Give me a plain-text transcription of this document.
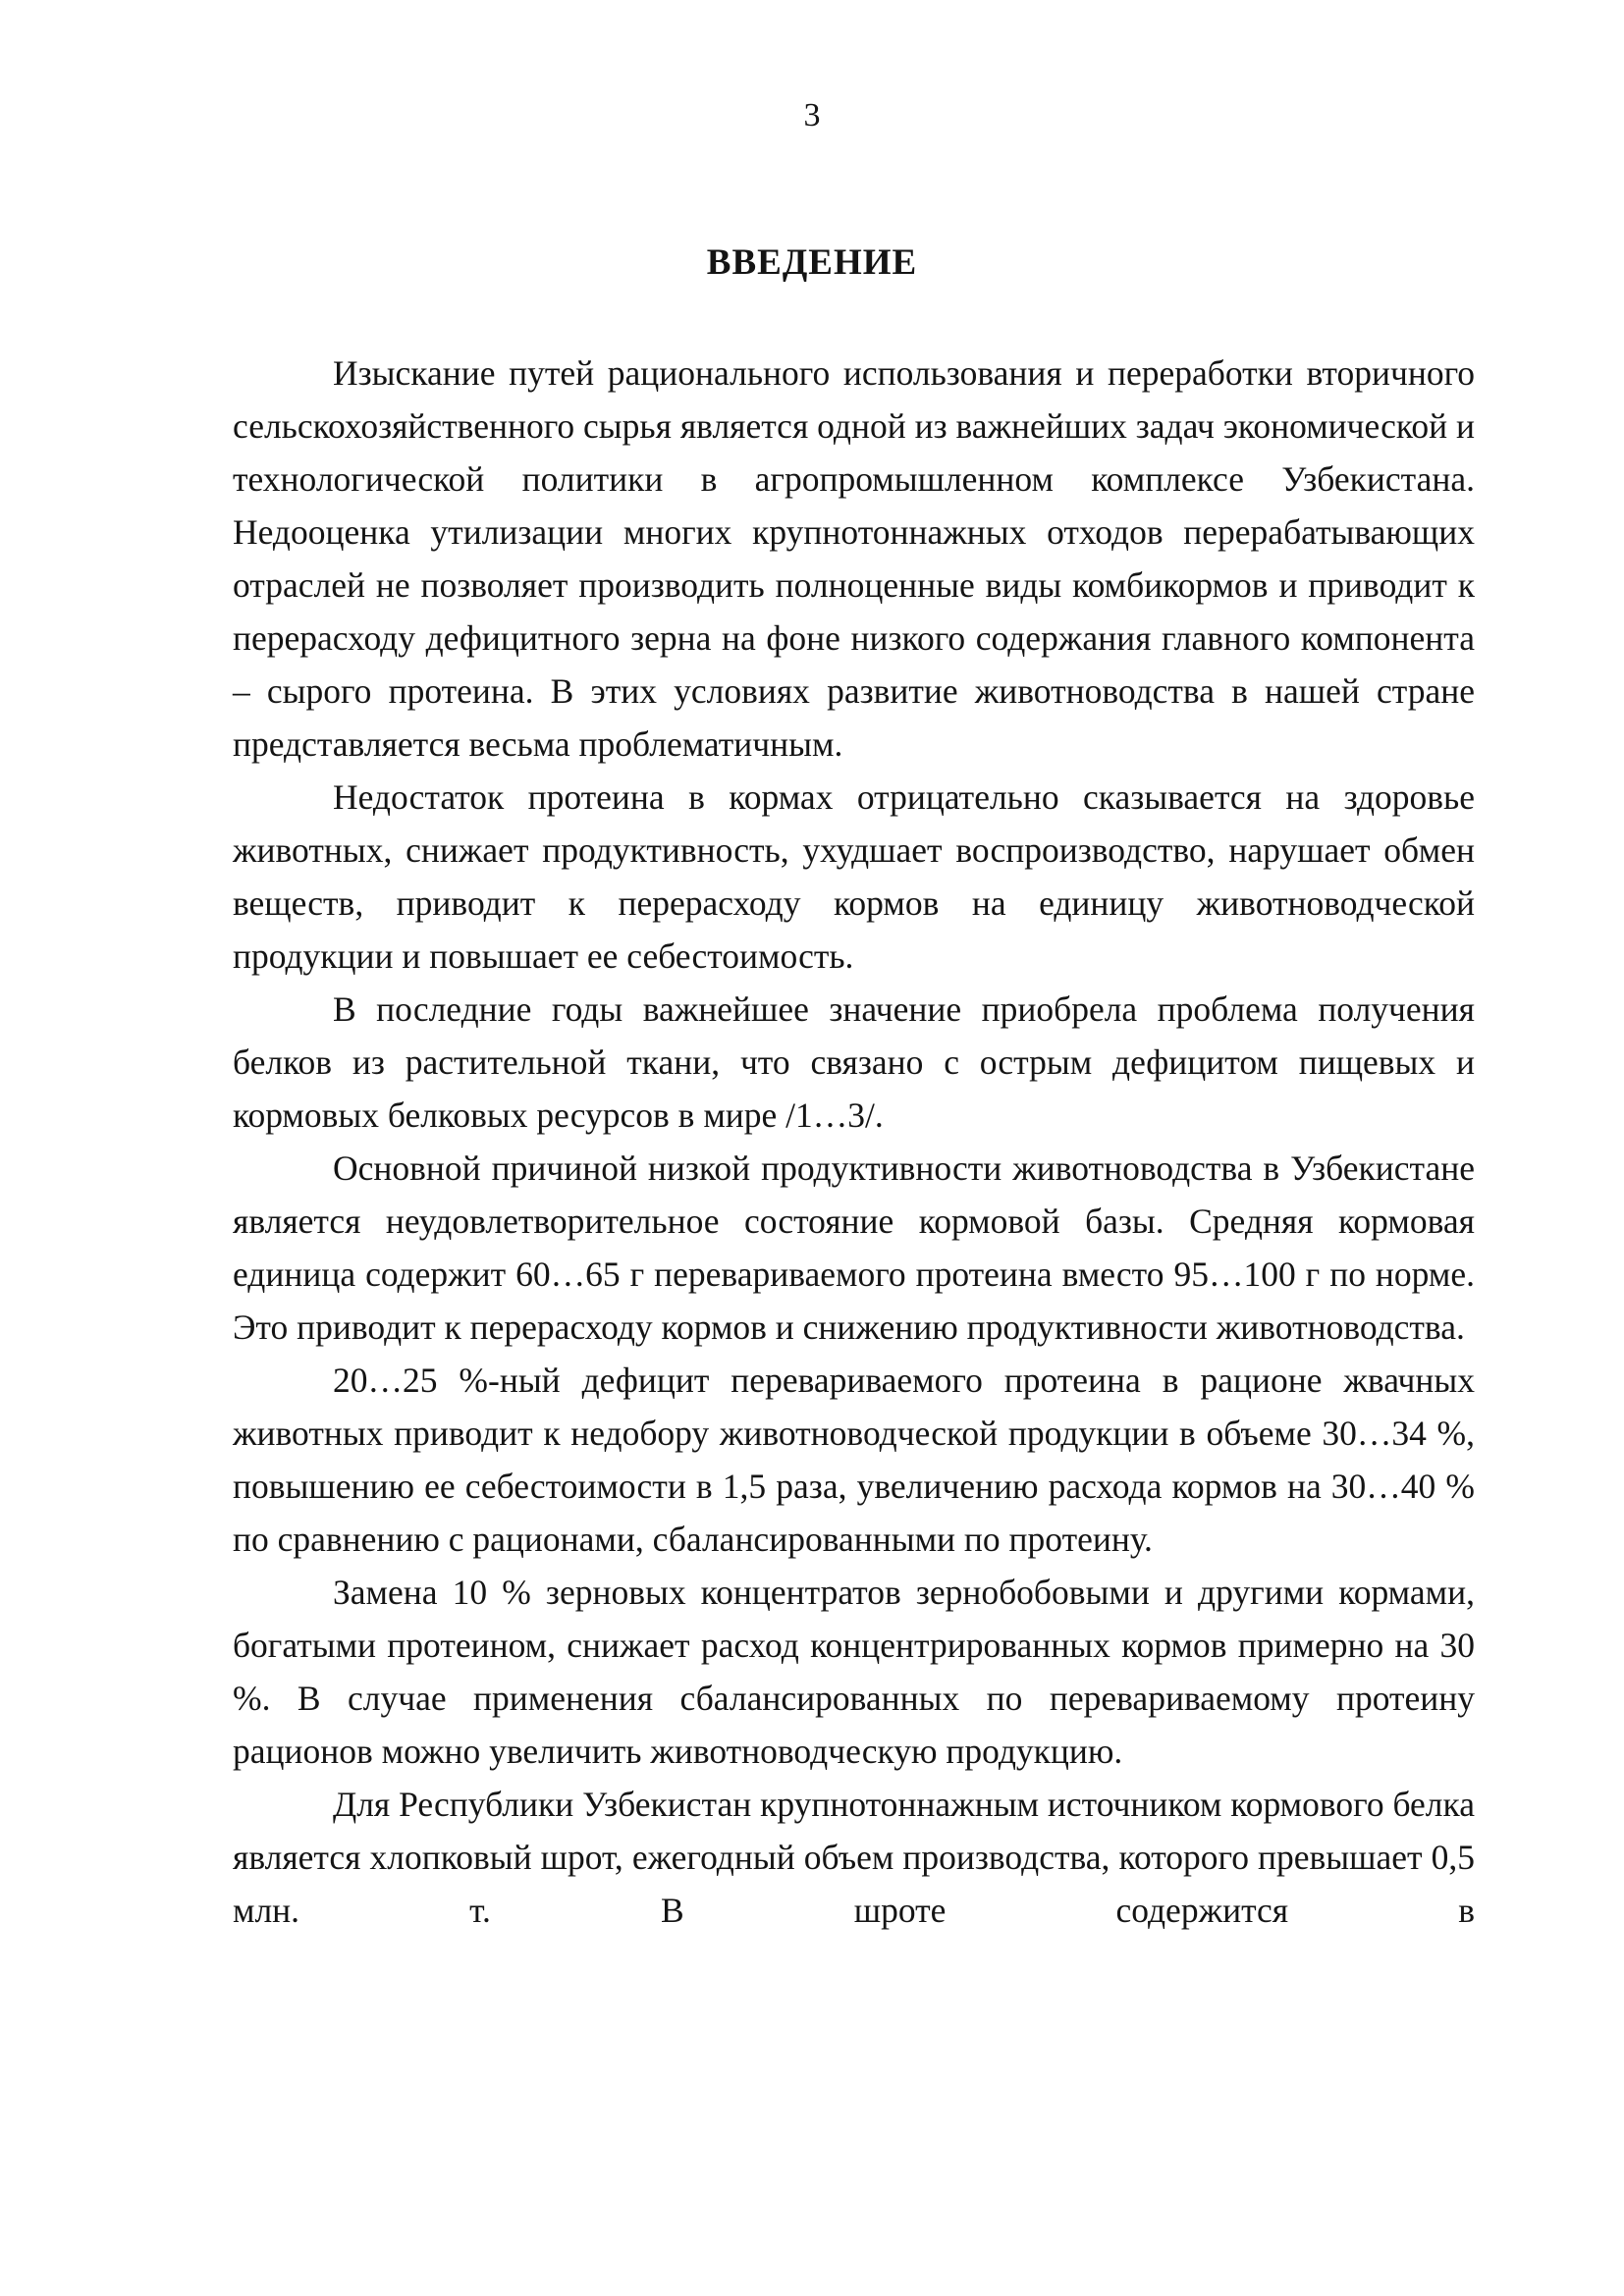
3
ВВЕДЕНИЕ

Изыскание путей рационального использования и переработки вторичного сельскохозяйственного сырья является одной из важнейших задач экономической и технологической политики в агропромышленном комплексе Узбекистана. Недооценка утилизации многих крупнотоннажных отходов перерабатывающих отраслей не позволяет производить полноценные виды комбикормов и приводит к перерасходу дефицитного зерна на фоне низкого содержания главного компонента – сырого протеина. В этих условиях развитие животноводства в нашей стране представляется весьма проблематичным.

Недостаток протеина в кормах отрицательно сказывается на здоровье животных, снижает продуктивность, ухудшает воспроизводство, нарушает обмен веществ, приводит к перерасходу кормов на единицу животноводческой продукции и повышает ее себестоимость.

В последние годы важнейшее значение приобрела проблема получения белков из растительной ткани, что связано с острым дефицитом пищевых и кормовых белковых ресурсов в мире /1…3/.

Основной причиной низкой продуктивности животноводства в Узбекистане является неудовлетворительное состояние кормовой базы. Средняя кормовая единица содержит 60…65 г перевариваемого протеина вместо 95…100 г по норме. Это приводит к перерасходу кормов и снижению продуктивности животноводства.

20…25 %-ный дефицит перевариваемого протеина в рационе жвачных животных приводит к недобору животноводческой продукции в объеме 30…34 %, повышению ее себестоимости в 1,5 раза, увеличению расхода кормов на 30…40 % по сравнению с рационами, сбалансированными по протеину.

Замена 10 % зерновых концентратов зернобобовыми и другими кормами, богатыми протеином, снижает расход концентрированных кормов примерно на 30 %. В случае применения сбалансированных по перевариваемому протеину рационов можно увеличить животноводческую продукцию.

Для Республики Узбекистан крупнотоннажным источником кормового белка является хлопковый шрот, ежегодный объем производства, которого превышает 0,5 млн. т. В шроте содержится в
